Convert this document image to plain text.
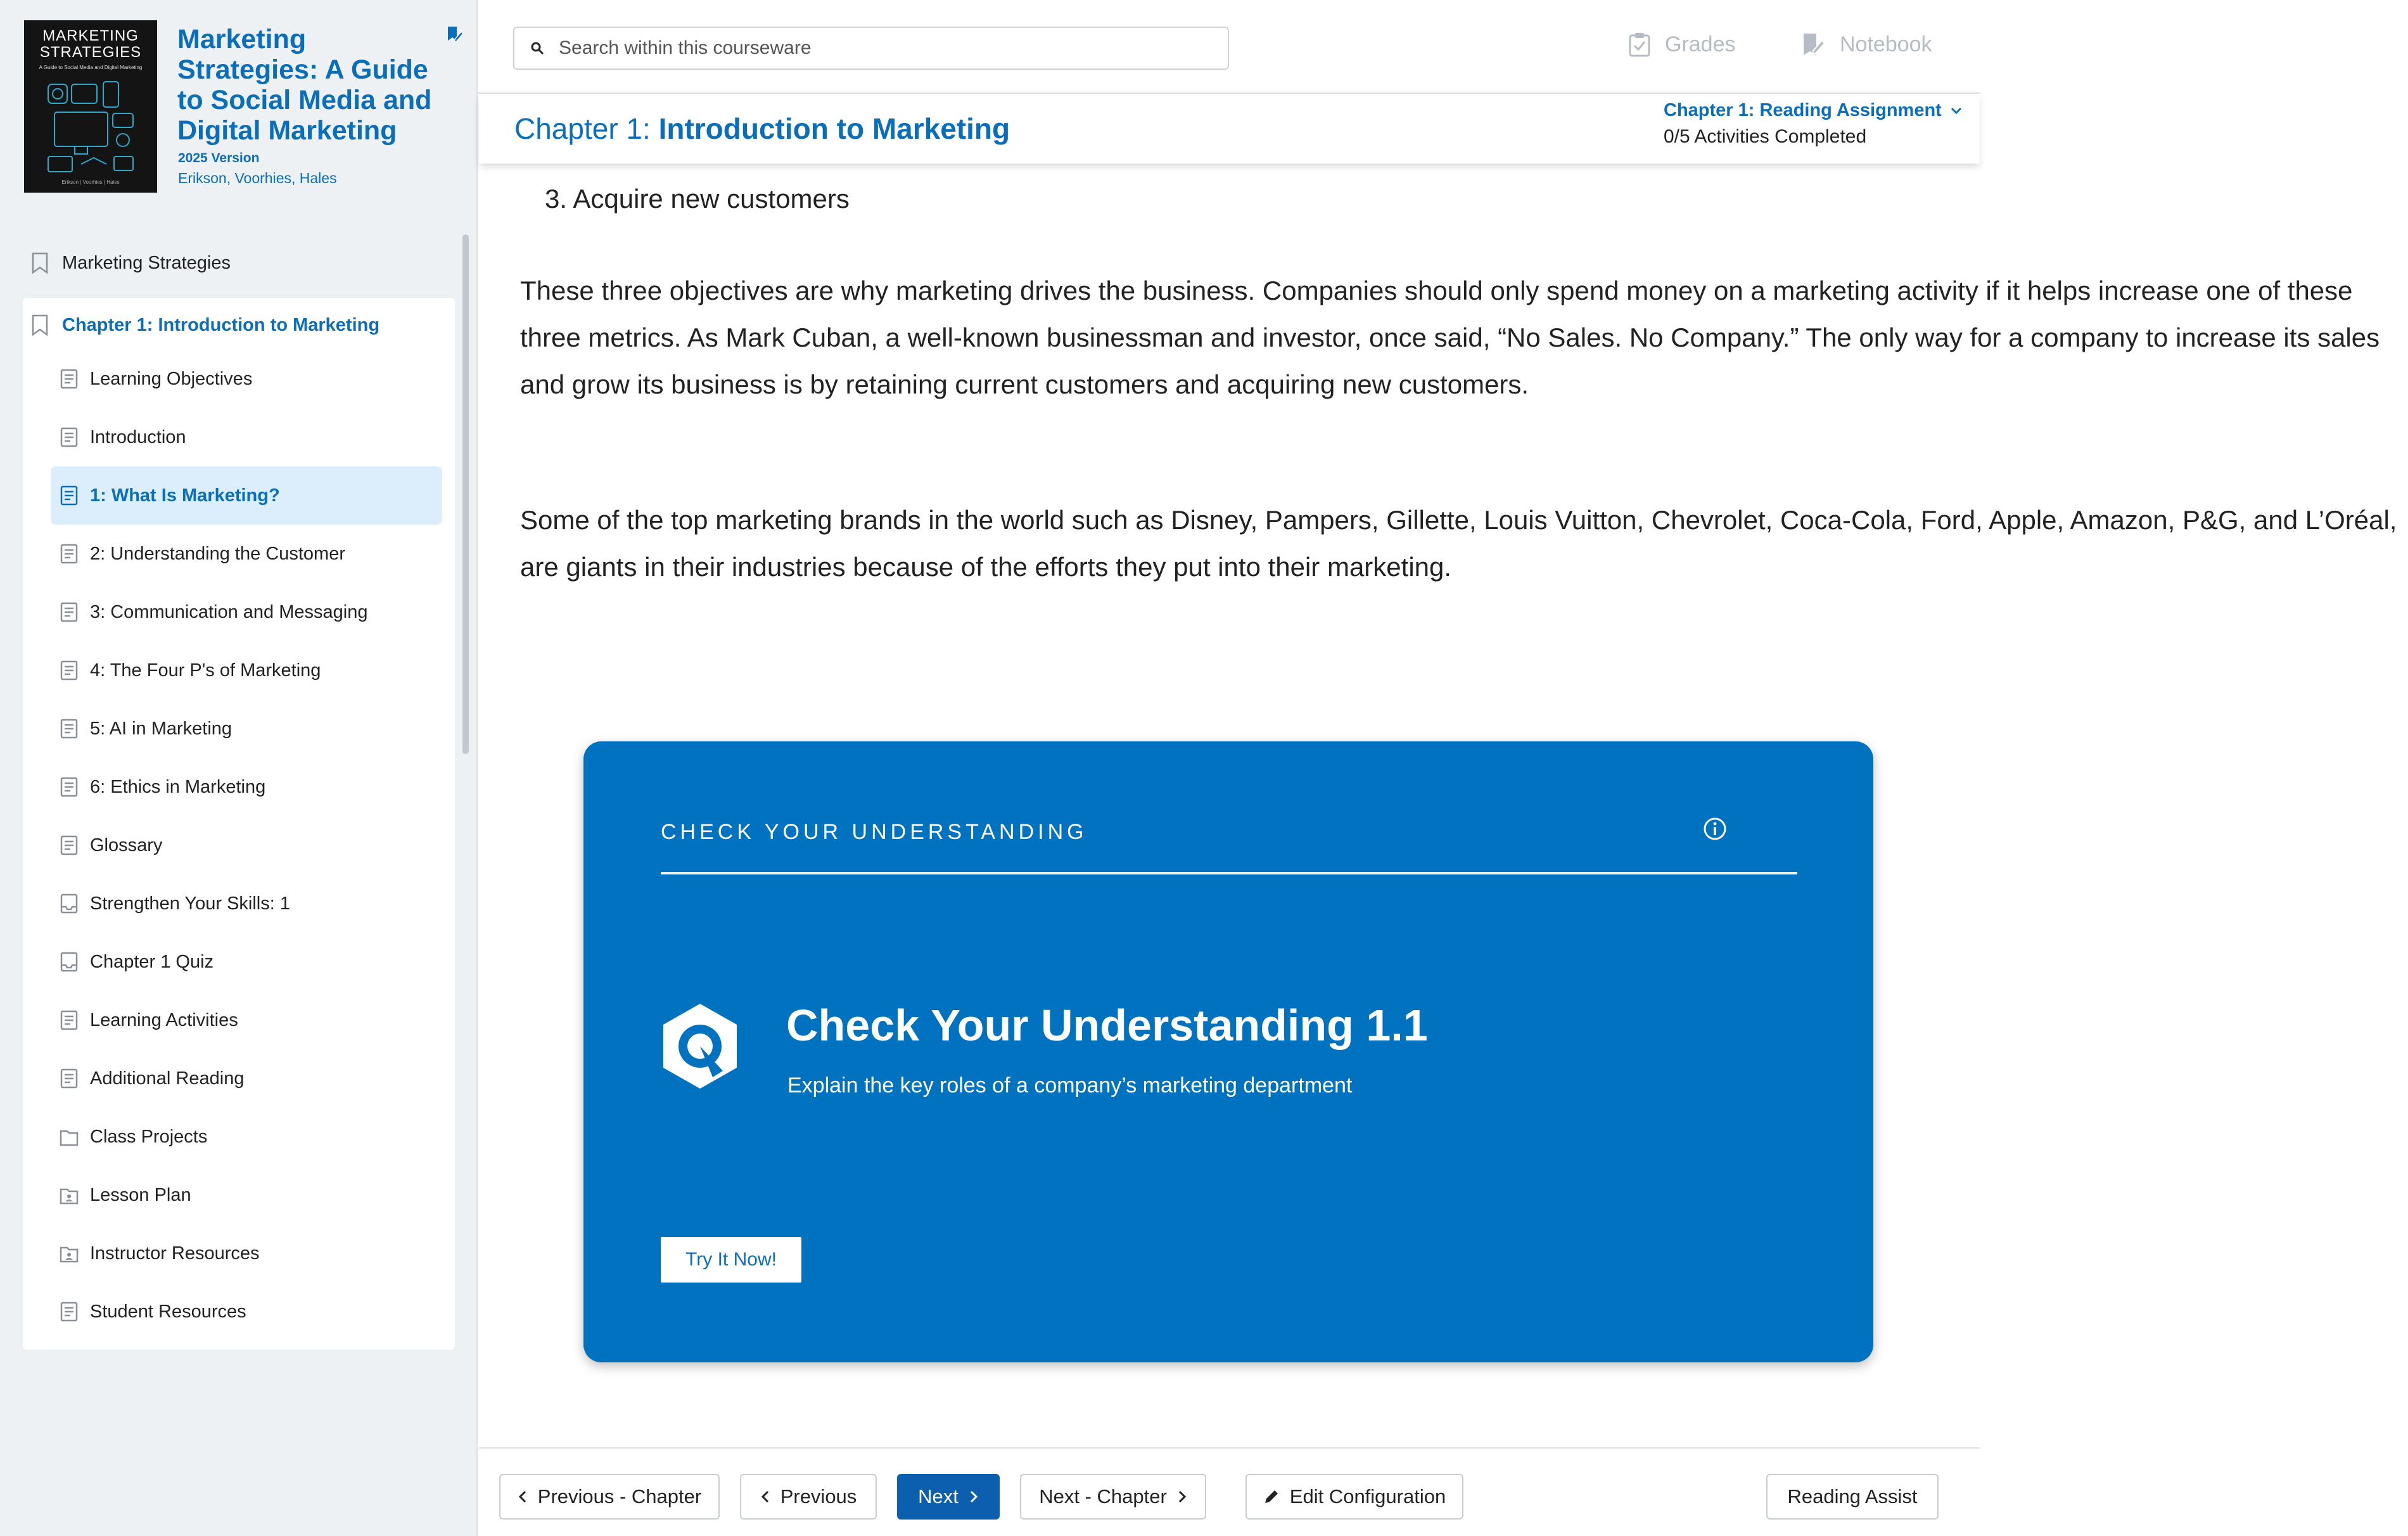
MARKETING STRATEGIES
A Guide to Social Media and Digital Marketing
Erikson | Voorhies | Hales
Marketing Strategies: A Guide to Social Media and Digital Marketing
2025 Version
Erikson, Voorhies, Hales
Marketing Strategies
Chapter 1: Introduction to Marketing
Learning Objectives
Introduction
1: What Is Marketing?
2: Understanding the Customer
3: Communication and Messaging
4: The Four P's of Marketing
5: AI in Marketing
6: Ethics in Marketing
Glossary
Strengthen Your Skills: 1
Chapter 1 Quiz
Learning Activities
Additional Reading
Class Projects
Lesson Plan
Instructor Resources
Student Resources
Search within this courseware
Grades	Notebook
Chapter 1: Introduction to Marketing
Chapter 1: Reading Assignment
0/5 Activities Completed
3. Acquire new customers

These three objectives are why marketing drives the business. Companies should only spend money on a marketing activity if it helps increase one of these three metrics. As Mark Cuban, a well-known businessman and investor, once said, “No Sales. No Company.” The only way for a company to increase its sales and grow its business is by retaining current customers and acquiring new customers.

Some of the top marketing brands in the world such as Disney, Pampers, Gillette, Louis Vuitton, Chevrolet, Coca-Cola, Ford, Apple, Amazon, P&G, and L’Oréal, are giants in their industries because of the efforts they put into their marketing.

CHECK YOUR UNDERSTANDING
Check Your Understanding 1.1
Explain the key roles of a company’s marketing department
Try It Now!
Previous - Chapter	Previous	Next	Next - Chapter	Edit Configuration	Reading Assist
